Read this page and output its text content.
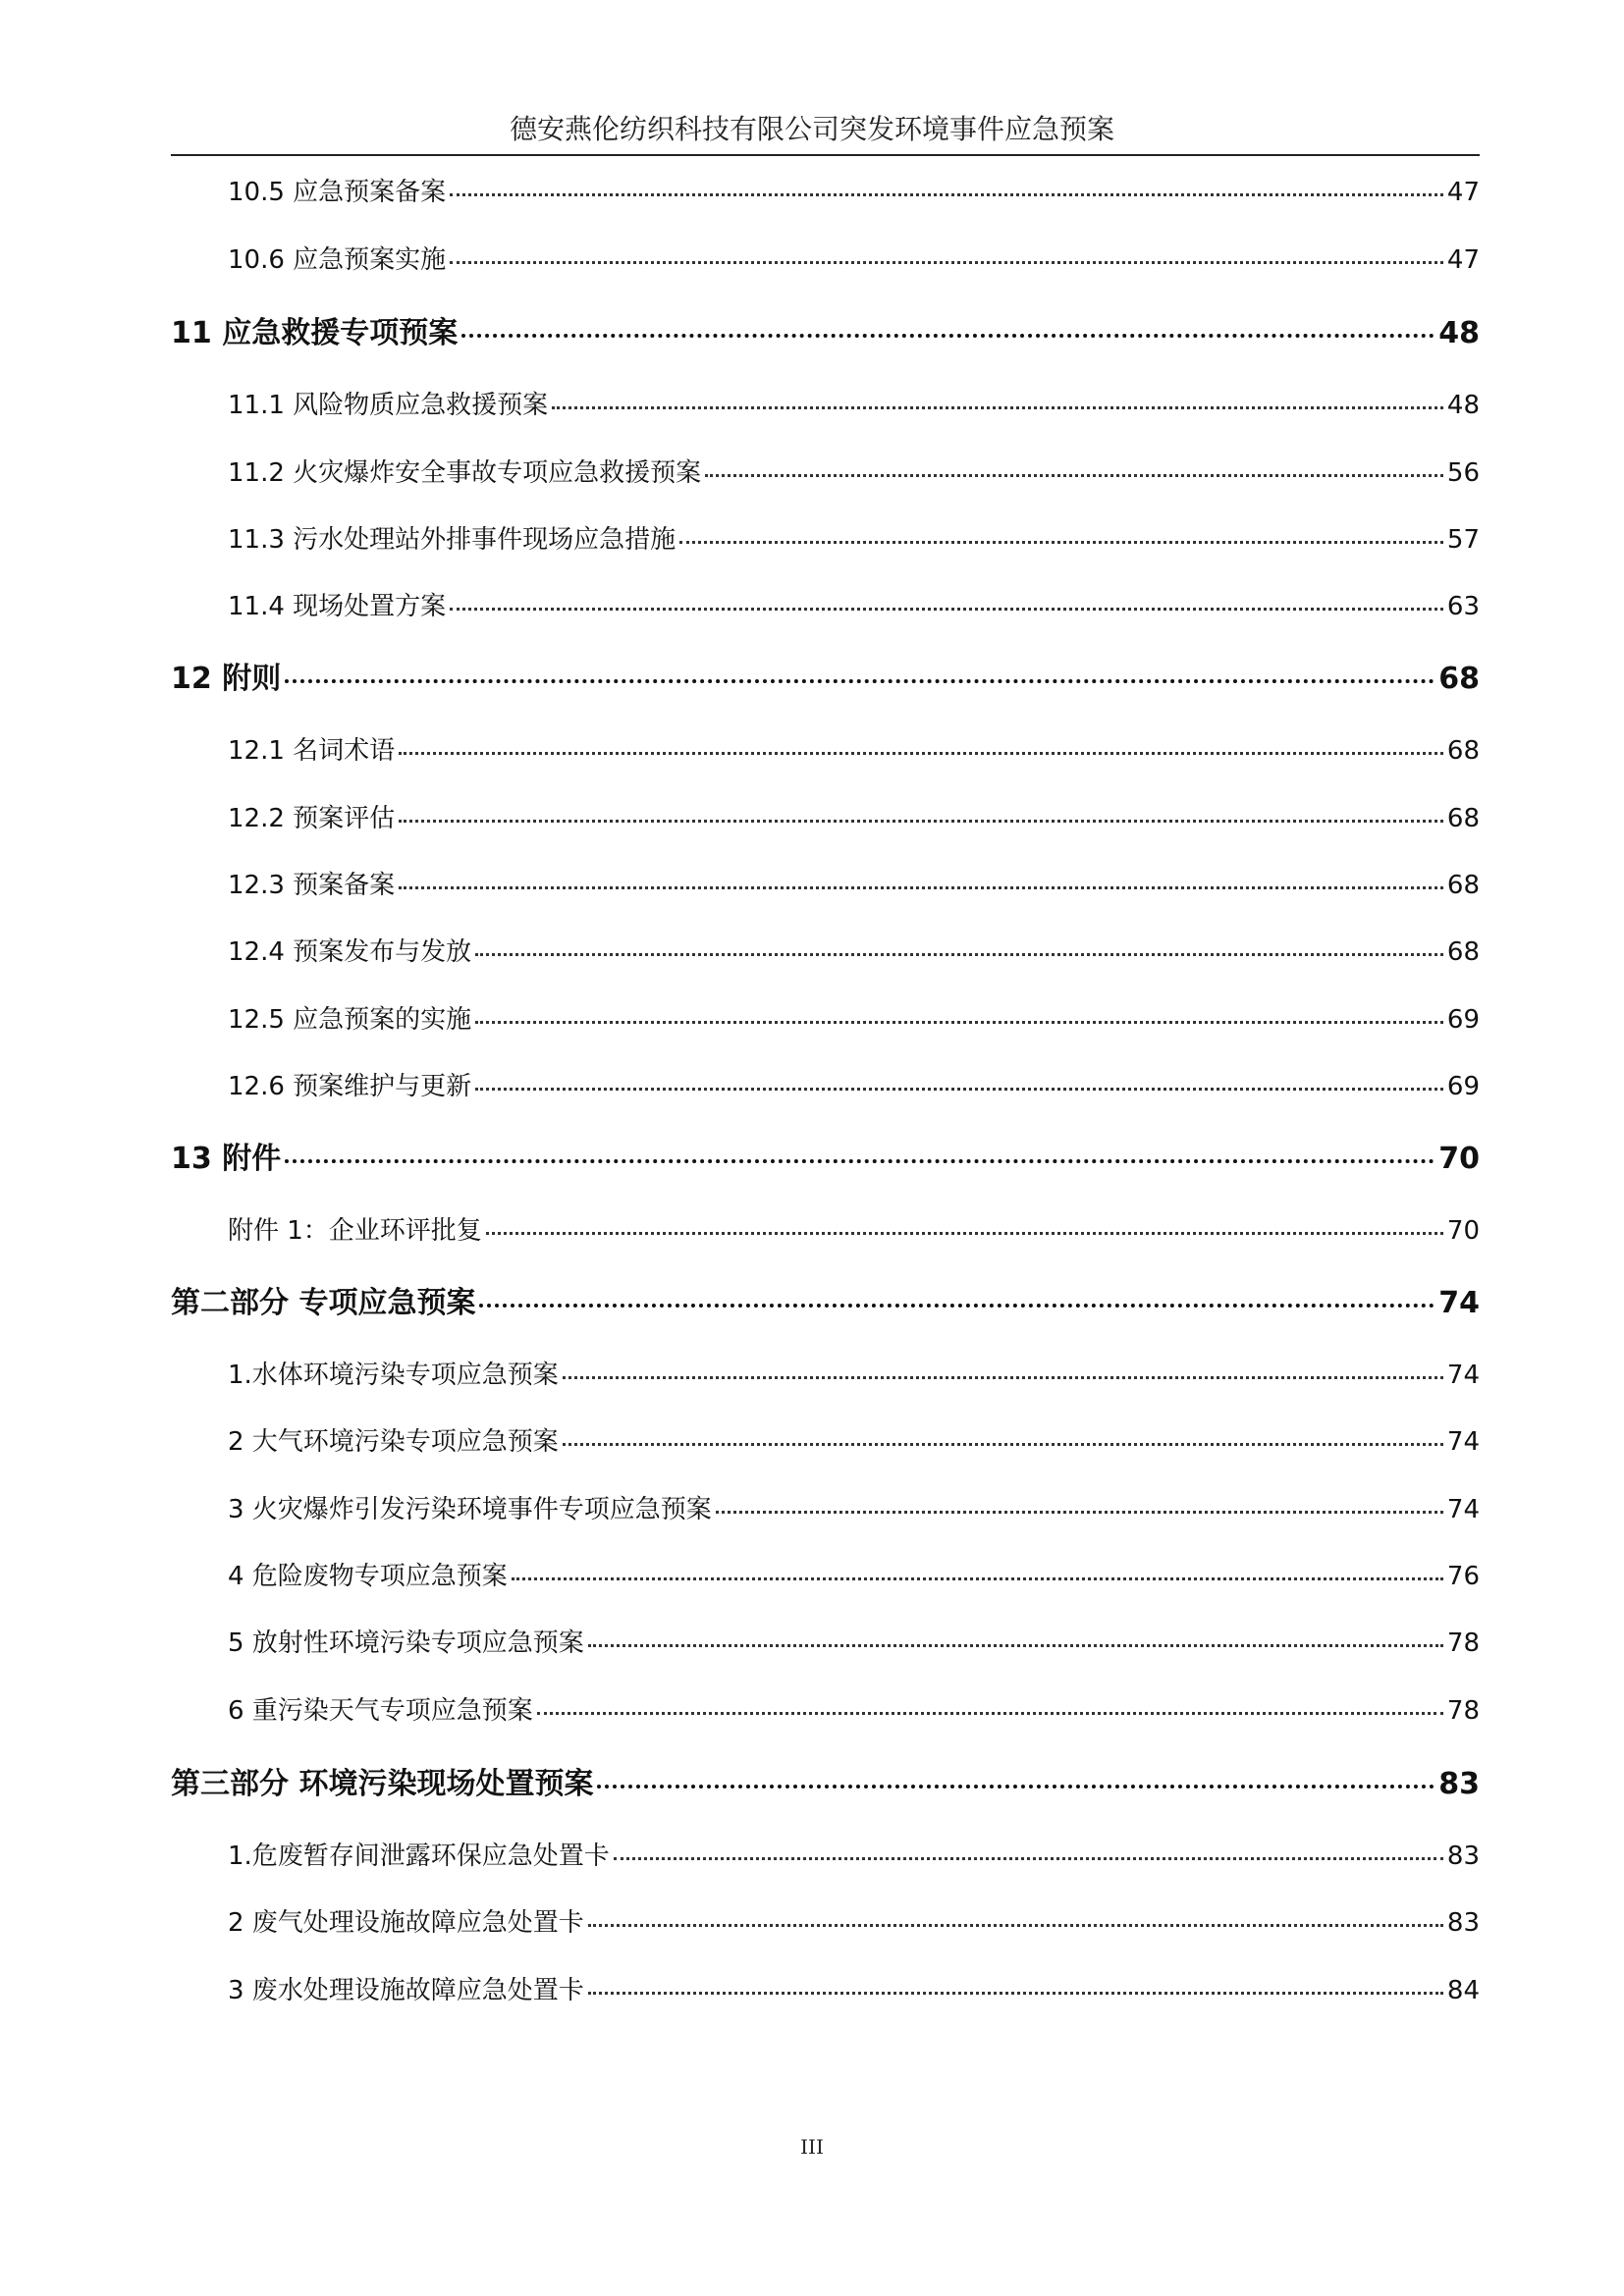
德安燕伦纺织科技有限公司突发环境事件应急预案
10.5 应急预案备案	47
10.6 应急预案实施	47
11 应急救援专项预案	48
11.1 风险物质应急救援预案	48
11.2 火灾爆炸安全事故专项应急救援预案	56
11.3 污水处理站外排事件现场应急措施	57
11.4 现场处置方案	63
12 附则	68
12.1 名词术语	68
12.2 预案评估	68
12.3 预案备案	68
12.4 预案发布与发放	68
12.5 应急预案的实施	69
12.6 预案维护与更新	69
13 附件	70
附件 1：企业环评批复	70
第二部分 专项应急预案	74
1.水体环境污染专项应急预案	74
2 大气环境污染专项应急预案	74
3 火灾爆炸引发污染环境事件专项应急预案	74
4 危险废物专项应急预案	76
5 放射性环境污染专项应急预案	78
6 重污染天气专项应急预案	78
第三部分 环境污染现场处置预案	83
1.危废暂存间泄露环保应急处置卡	83
2 废气处理设施故障应急处置卡	83
3 废水处理设施故障应急处置卡	84
III
